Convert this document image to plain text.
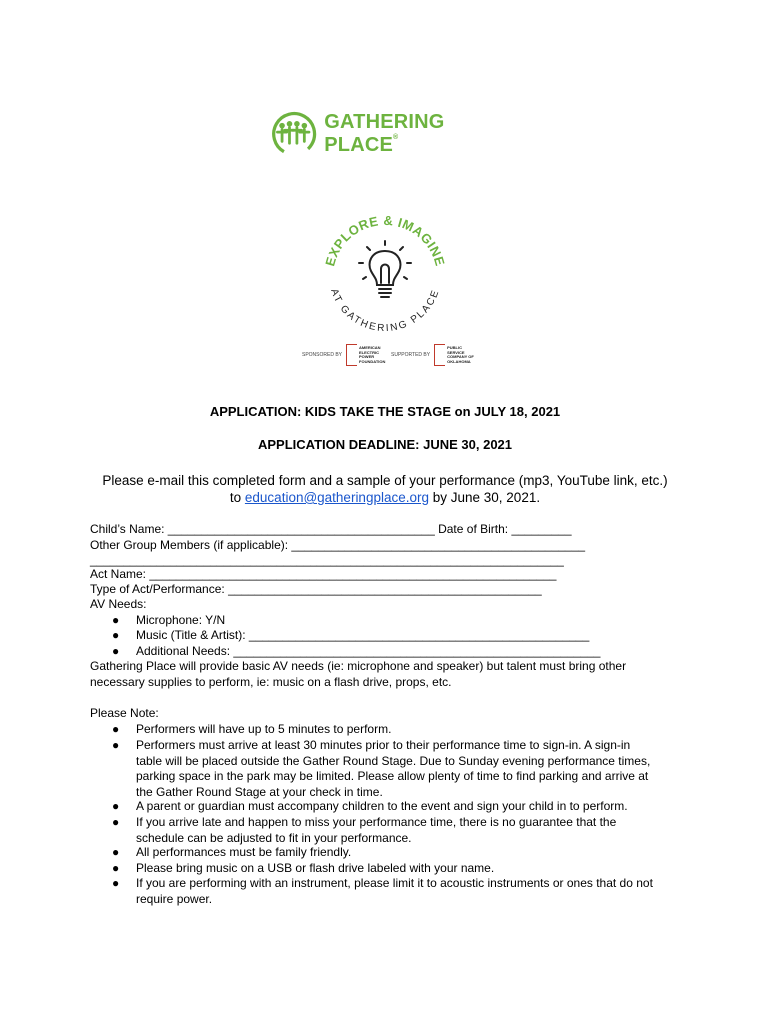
GATHERING PLACE®
EXPLORE & IMAGINE
AT GATHERING PLACE
SPONSORED BY
AMERICAN ELECTRIC POWER FOUNDATION
SUPPORTED BY
PUBLIC SERVICE COMPANY OF OKLAHOMA
APPLICATION: KIDS TAKE THE STAGE on JULY 18, 2021
APPLICATION DEADLINE: JUNE 30, 2021
Please e-mail this completed form and a sample of your performance (mp3, YouTube link, etc.)
to education@gatheringplace.org by June 30, 2021.
Child’s Name: ________________________________________ Date of Birth: _________
Other Group Members (if applicable): ____________________________________________
_______________________________________________________________________
Act Name: _____________________________________________________________
Type of Act/Performance: _______________________________________________
AV Needs:
● Microphone: Y/N
● Music (Title & Artist): ___________________________________________________
● Additional Needs: _______________________________________________________
Gathering Place will provide basic AV needs (ie: microphone and speaker) but talent must bring other
necessary supplies to perform, ie: music on a flash drive, props, etc.
Please Note:
● Performers will have up to 5 minutes to perform.
● Performers must arrive at least 30 minutes prior to their performance time to sign-in. A sign-in
table will be placed outside the Gather Round Stage. Due to Sunday evening performance times,
parking space in the park may be limited. Please allow plenty of time to find parking and arrive at
the Gather Round Stage at your check in time.
● A parent or guardian must accompany children to the event and sign your child in to perform.
● If you arrive late and happen to miss your performance time, there is no guarantee that the
schedule can be adjusted to fit in your performance.
● All performances must be family friendly.
● Please bring music on a USB or flash drive labeled with your name.
● If you are performing with an instrument, please limit it to acoustic instruments or ones that do not
require power.
